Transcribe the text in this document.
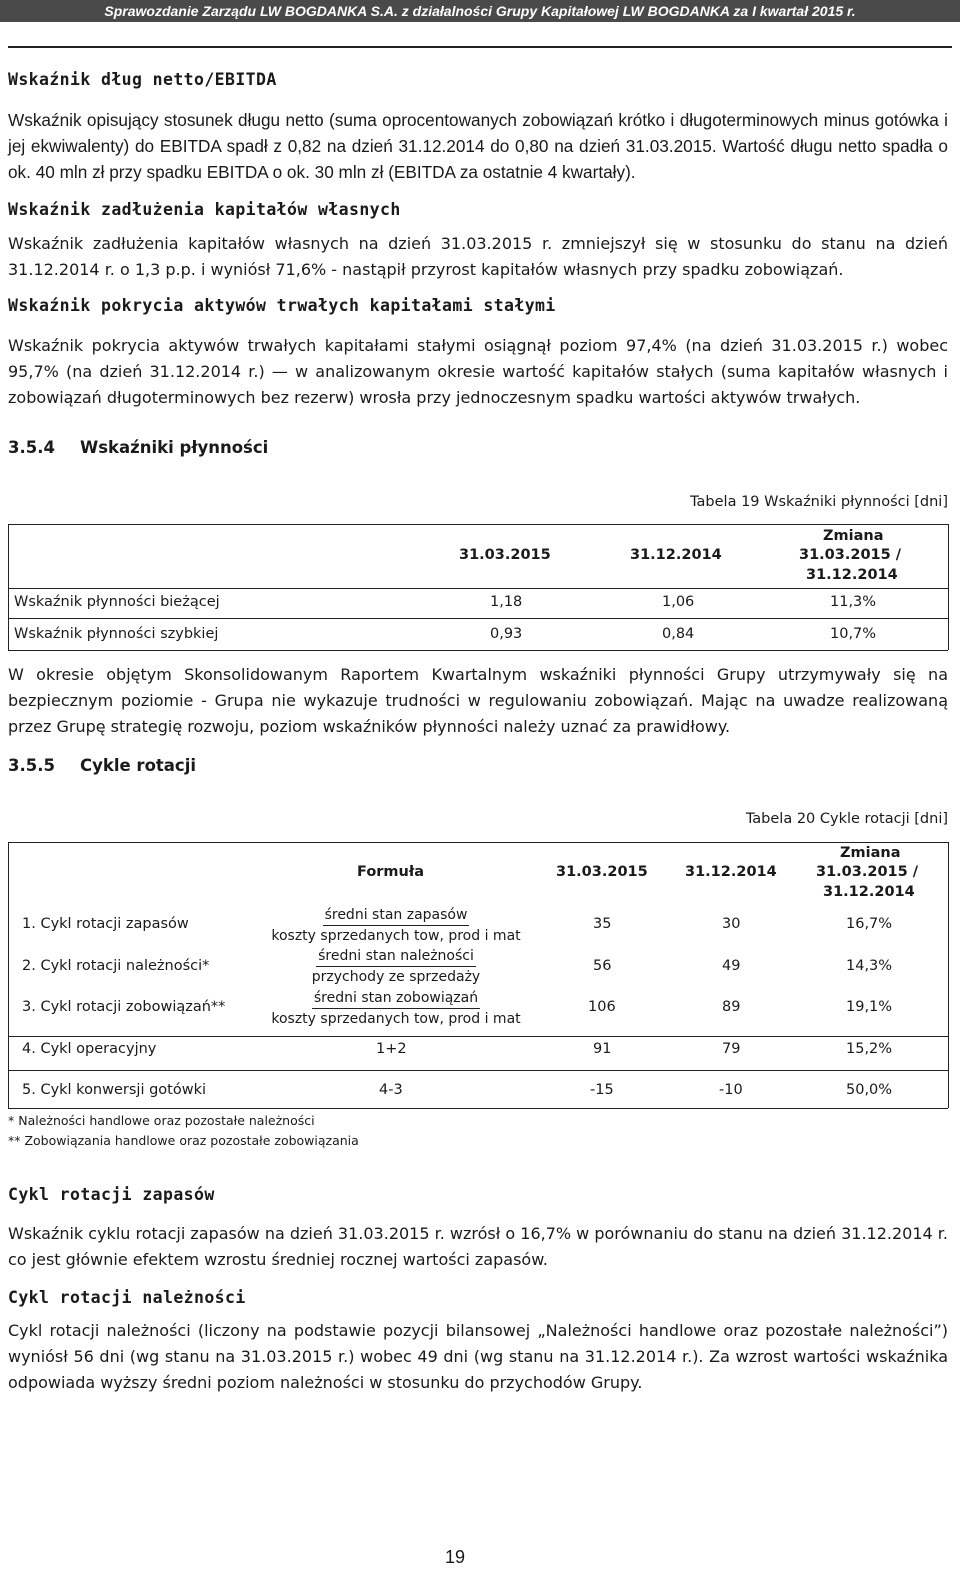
Sprawozdanie Zarządu LW BOGDANKA S.A. z działalności Grupy Kapitałowej LW BOGDANKA za I kwartał 2015 r.
Wskaźnik dług netto/EBITDA

Wskaźnik opisujący stosunek długu netto (suma oprocentowanych zobowiązań krótko i długoterminowych minus gotówka i jej ekwiwalenty) do EBITDA spadł z 0,82 na dzień 31.12.2014 do 0,80 na dzień 31.03.2015. Wartość długu netto spadła o ok. 40 mln zł przy spadku EBITDA o ok. 30 mln zł (EBITDA za ostatnie 4 kwartały).

Wskaźnik zadłużenia kapitałów własnych

Wskaźnik zadłużenia kapitałów własnych na dzień 31.03.2015 r. zmniejszył się w stosunku do stanu na dzień 31.12.2014 r. o 1,3 p.p. i wyniósł 71,6% - nastąpił przyrost kapitałów własnych przy spadku zobowiązań.

Wskaźnik pokrycia aktywów trwałych kapitałami stałymi

Wskaźnik pokrycia aktywów trwałych kapitałami stałymi osiągnął poziom 97,4% (na dzień 31.03.2015 r.) wobec 95,7% (na dzień 31.12.2014 r.) — w analizowanym okresie wartość kapitałów stałych (suma kapitałów własnych i zobowiązań długoterminowych bez rezerw) wrosła przy jednoczesnym spadku wartości aktywów trwałych.

3.5.4 Wskaźniki płynności
Tabela 19 Wskaźniki płynności [dni]
31.03.2015	31.12.2014
Zmiana
31.03.2015 /
31.12.2014
Wskaźnik płynności bieżącej	1,18	1,06	11,3%
Wskaźnik płynności szybkiej	0,93	0,84	10,7%

W okresie objętym Skonsolidowanym Raportem Kwartalnym wskaźniki płynności Grupy utrzymywały się na bezpiecznym poziomie - Grupa nie wykazuje trudności w regulowaniu zobowiązań. Mając na uwadze realizowaną przez Grupę strategię rozwoju, poziom wskaźników płynności należy uznać za prawidłowy.

3.5.5 Cykle rotacji
Tabela 20 Cykle rotacji [dni]
Formuła	31.03.2015	31.12.2014
Zmiana
31.03.2015 /
31.12.2014
1. Cykl rotacji zapasów
średni stan zapasów
koszty sprzedanych tow, prod i mat
35	30	16,7%
2. Cykl rotacji należności*
średni stan należności
przychody ze sprzedaży
56	49	14,3%
3. Cykl rotacji zobowiązań**
średni stan zobowiązań
koszty sprzedanych tow, prod i mat
106	89	19,1%
4. Cykl operacyjny	1+2	91	79	15,2%
5. Cykl konwersji gotówki	4-3	-15	-10	50,0%
* Należności handlowe oraz pozostałe należności
** Zobowiązania handlowe oraz pozostałe zobowiązania
Cykl rotacji zapasów

Wskaźnik cyklu rotacji zapasów na dzień 31.03.2015 r. wzrósł o 16,7% w porównaniu do stanu na dzień 31.12.2014 r. co jest głównie efektem wzrostu średniej rocznej wartości zapasów.

Cykl rotacji należności

Cykl rotacji należności (liczony na podstawie pozycji bilansowej „Należności handlowe oraz pozostałe należności”) wyniósł 56 dni (wg stanu na 31.03.2015 r.) wobec 49 dni (wg stanu na 31.12.2014 r.). Za wzrost wartości wskaźnika odpowiada wyższy średni poziom należności w stosunku do przychodów Grupy.

19
